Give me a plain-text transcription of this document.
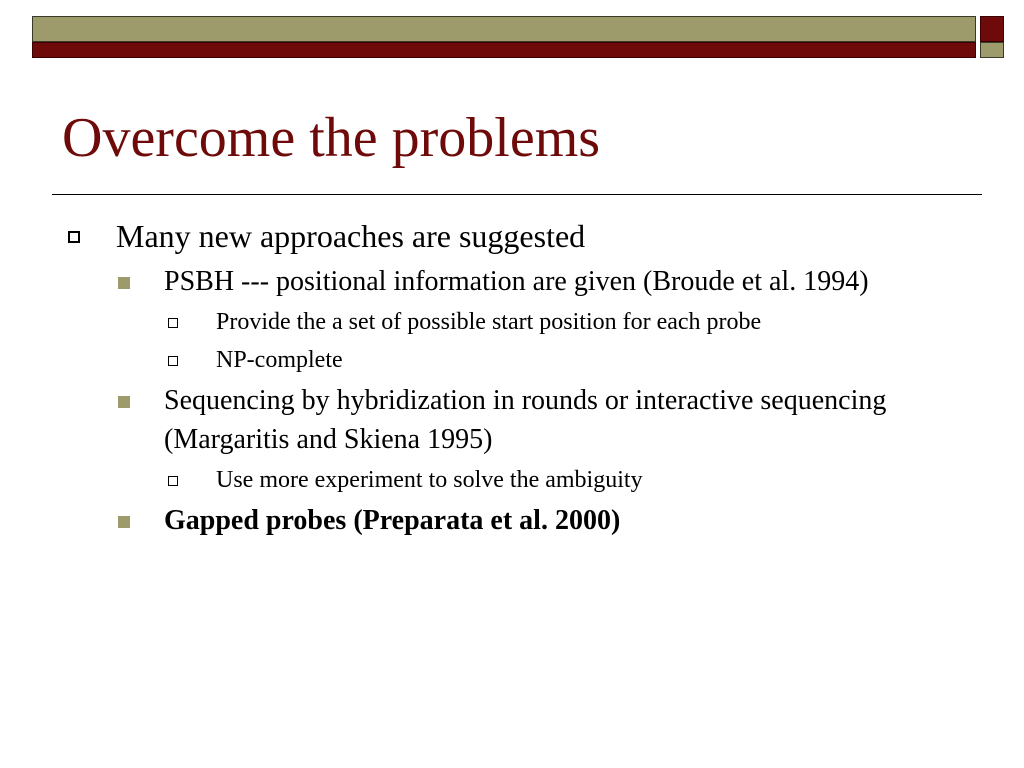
Overcome the problems
Many new approaches are suggested
PSBH --- positional information are given (Broude et al. 1994)
Provide the a set of possible start position for each probe
NP-complete
Sequencing by hybridization in rounds or interactive sequencing (Margaritis and Skiena 1995)
Use more experiment to solve the ambiguity
Gapped probes (Preparata et al. 2000)
